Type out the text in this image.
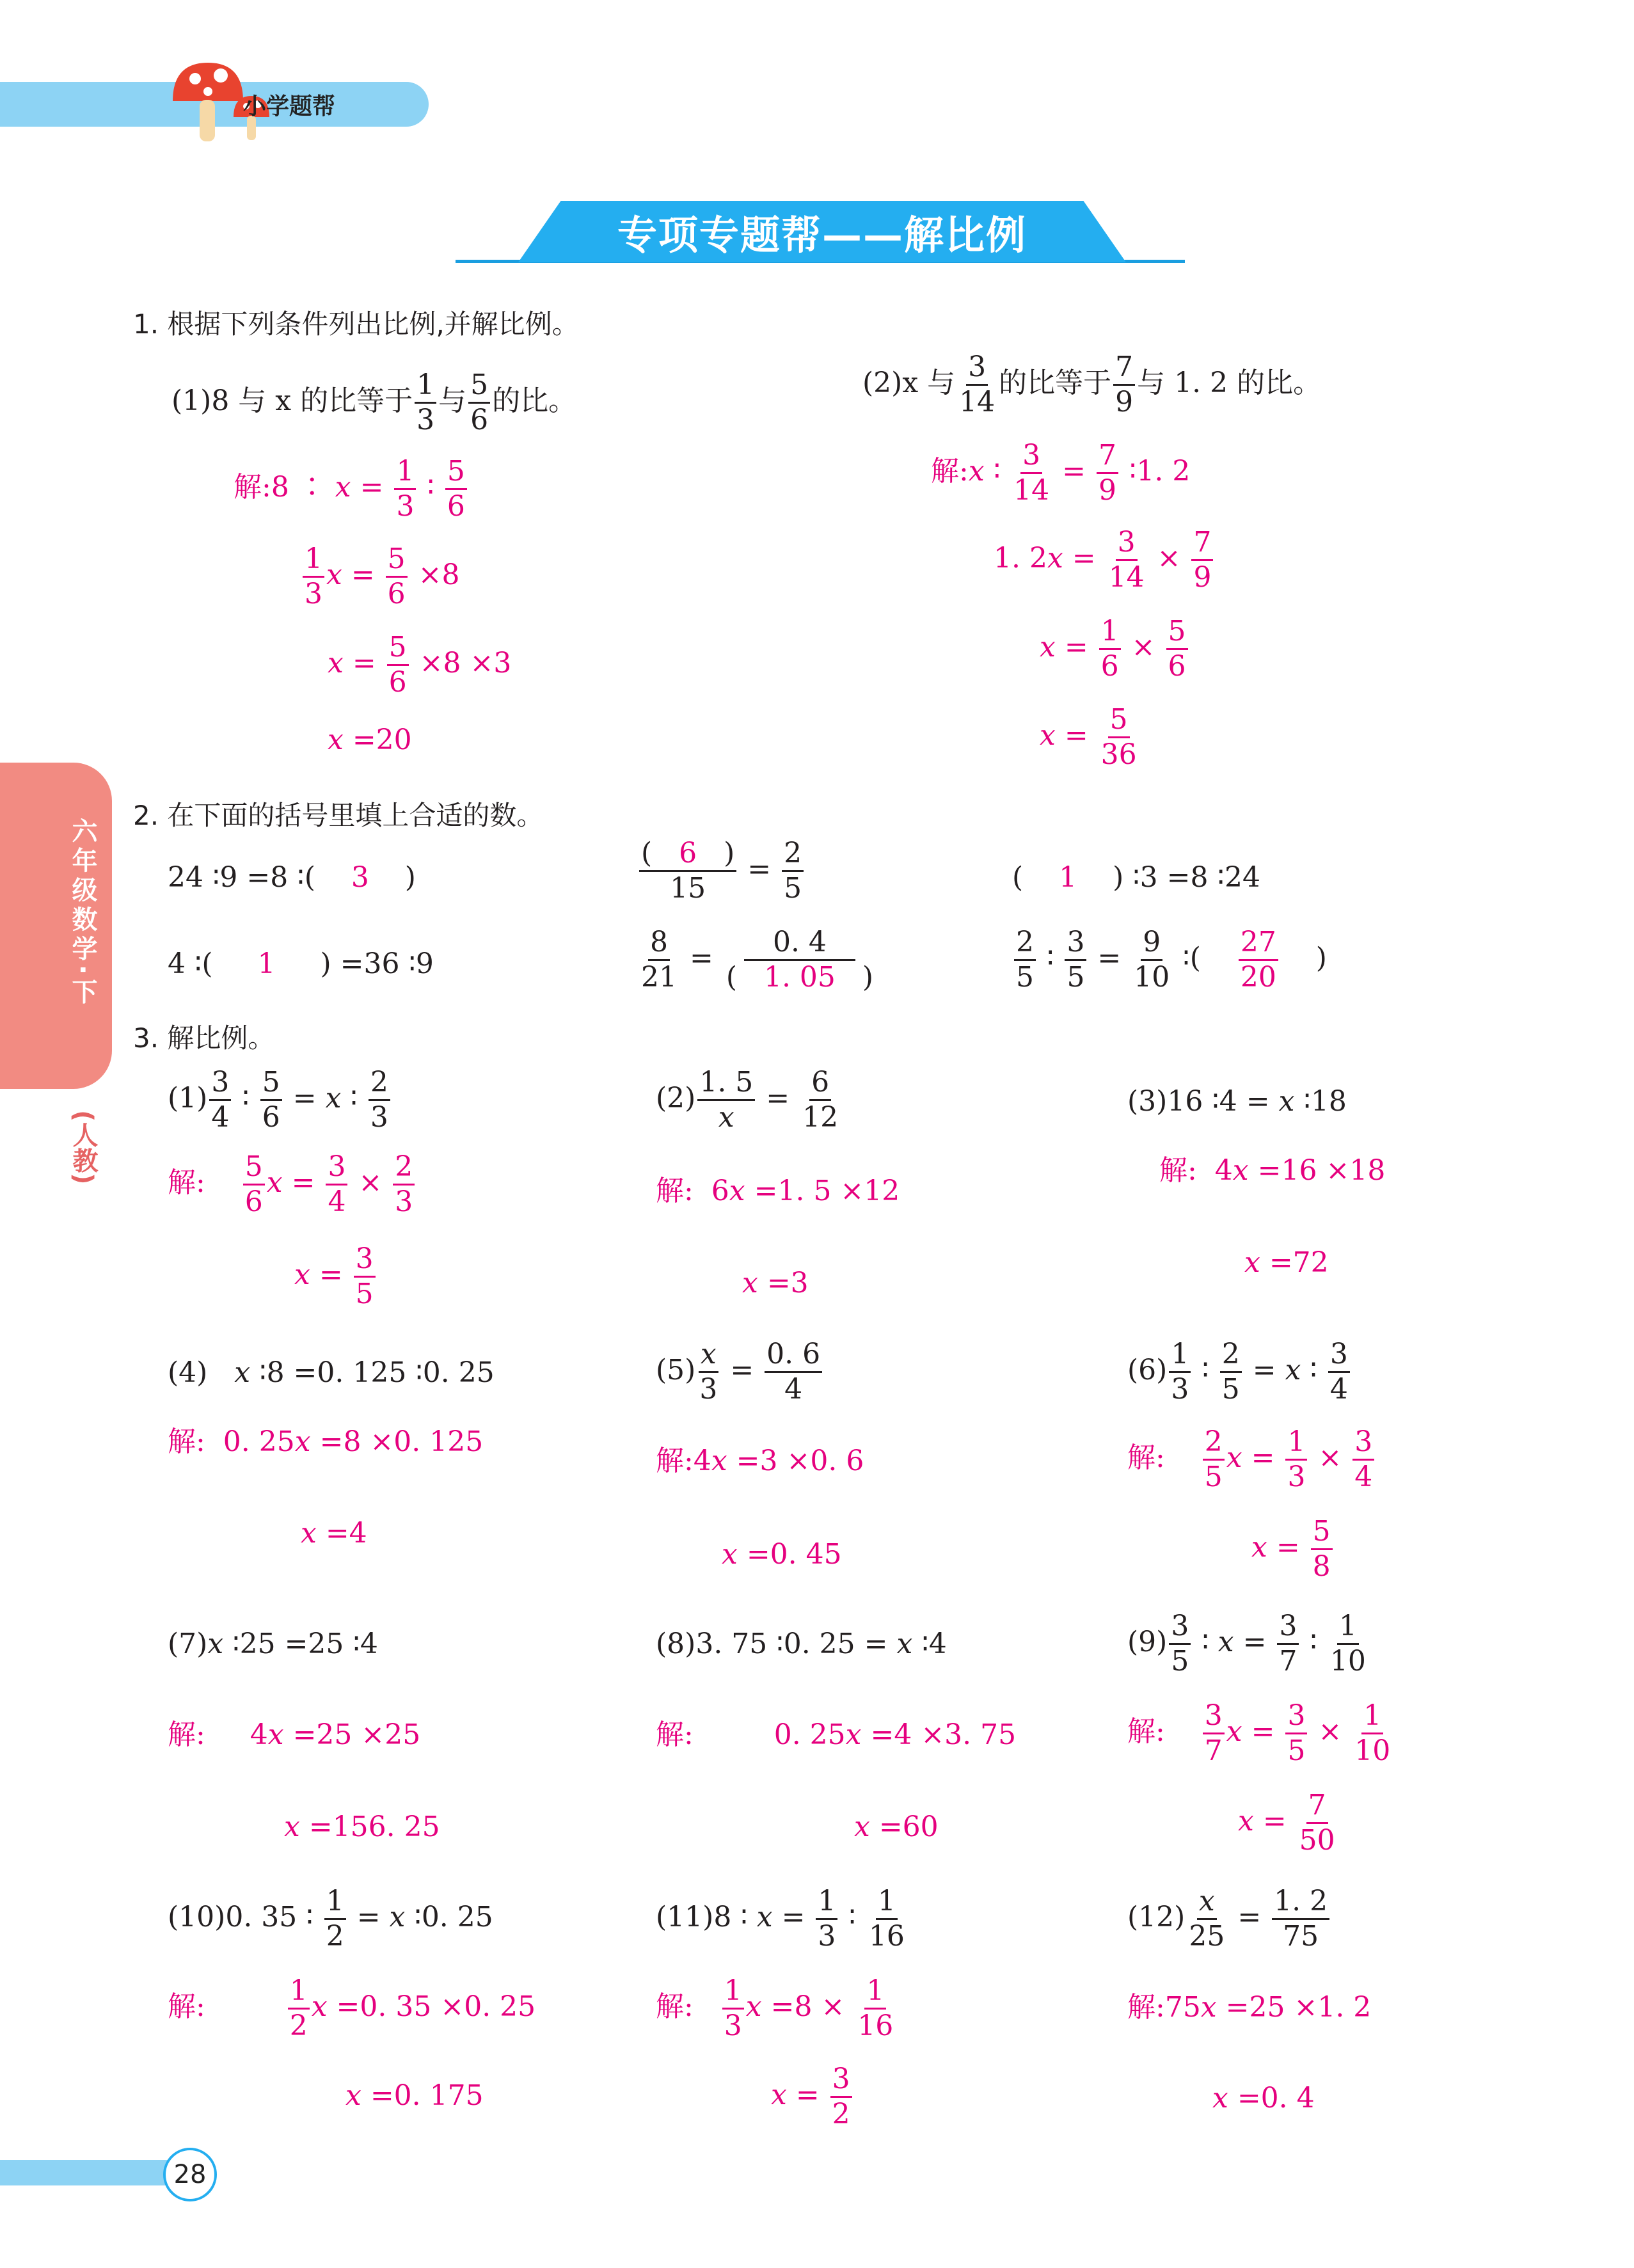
小学题帮
专项专题帮——解比例
六年级数学·下
(人教)
1. 根据下列条件列出比例,并解比例。
(1)8 与 x 的比等于 $\frac{1}{3}$ 与 $\frac{5}{6}$ 的比。
(2)x 与 $\frac{3}{14}$ 的比等于 $\frac{7}{9}$ 与 1. 2 的比。
解:8 ∶ $x = \frac{1}{3}$ ∶ $\frac{5}{6}$
$\frac{1}{3}$ $x = \frac{5}{6} \times 8$
$x = \frac{5}{6} \times 8 \times 3$
x =20
解:x ∶ $\frac{3}{14} = \frac{7}{9}$ ∶1. 2
1. $2x = \frac{3}{14} \times \frac{7}{9}$
$x = \frac{1}{6} \times \frac{5}{6}$
$x = \frac{5}{36}$
2. 在下面的括号里填上合适的数。
24 ∶9 =8 ∶(    3    )
4 ∶(     1     ) =36 ∶9
$\frac{( 6 )}{15} = \frac{2}{5}$
$\frac{8}{21} = \frac{0. 4}{( 1. 05 )}$
(    1    ) ∶3 =8 ∶24
$\frac{2}{5}$ ∶ $\frac{3}{5} = \frac{9}{10}$ ∶( $\frac{27}{20}$ )
3. 解比例。
$(1) \frac{3}{4}$ ∶ $\frac{5}{6} = x$ ∶ $\frac{2}{3}$
解: $\frac{5}{6}$ $x = \frac{3}{4} \times \frac{2}{3}$
$x = \frac{3}{5}$
$(2) \frac{1. 5}{x} = \frac{6}{12}$
解:  6x =1. 5 ×12
x =3
(3)16 ∶4 = x ∶18
解:  4x =16 ×18
x =72
(4)   x ∶8 =0. 125 ∶0. 25
解:  0. 25x =8 ×0. 125
x =4
$(5) \frac{x}{3} = \frac{0. 6}{4}$
解:4x =3 ×0. 6
x =0. 45
$(6) \frac{1}{3}$ ∶ $\frac{2}{5} = x$ ∶ $\frac{3}{4}$
解: $\frac{2}{5}$ $x = \frac{1}{3} \times \frac{3}{4}$
$x = \frac{5}{8}$
(7)x ∶25 =25 ∶4
解:     4x =25 ×25
x =156. 25
(8)3. 75 ∶0. 25 = x ∶4
解:         0. 25x =4 ×3. 75
x =60
$(9) \frac{3}{5}$ ∶ $x = \frac{3}{7}$ ∶ $\frac{1}{10}$
解: $\frac{3}{7}$ $x = \frac{3}{5} \times \frac{1}{10}$
$x = \frac{7}{50}$
(10)0. 35 ∶ $\frac{1}{2} = x$ ∶0. 25
解: $\frac{1}{2}$ x =0. 35 ×0. 25
x =0. 175
(11)8 ∶ $x = \frac{1}{3}$ ∶ $\frac{1}{16}$
解: $\frac{1}{3}$ $x =8 \times \frac{1}{16}$
$x = \frac{3}{2}$
$(12) \frac{x}{25} = \frac{1. 2}{75}$
解:75x =25 ×1. 2
x =0. 4
28
